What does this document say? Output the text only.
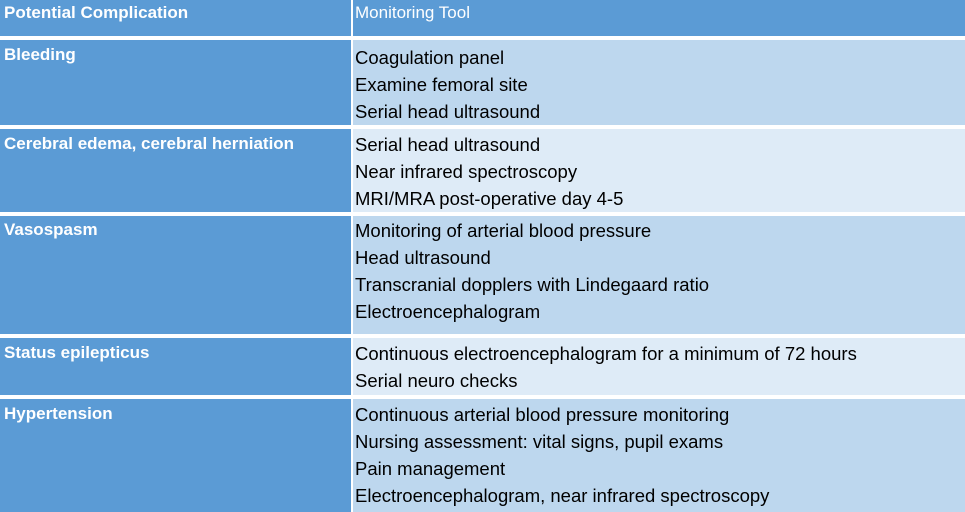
Potential Complication	Monitoring Tool
Bleeding	Coagulation panel
Examine femoral site
Serial head ultrasound
Cerebral edema, cerebral herniation	Serial head ultrasound
Near infrared spectroscopy
MRI/MRA post-operative day 4-5
Vasospasm	Monitoring of arterial blood pressure
Head ultrasound
Transcranial dopplers with Lindegaard ratio
Electroencephalogram
Status epilepticus	Continuous electroencephalogram for a minimum of 72 hours
Serial neuro checks
Hypertension	Continuous arterial blood pressure monitoring
Nursing assessment: vital signs, pupil exams
Pain management
Electroencephalogram, near infrared spectroscopy
